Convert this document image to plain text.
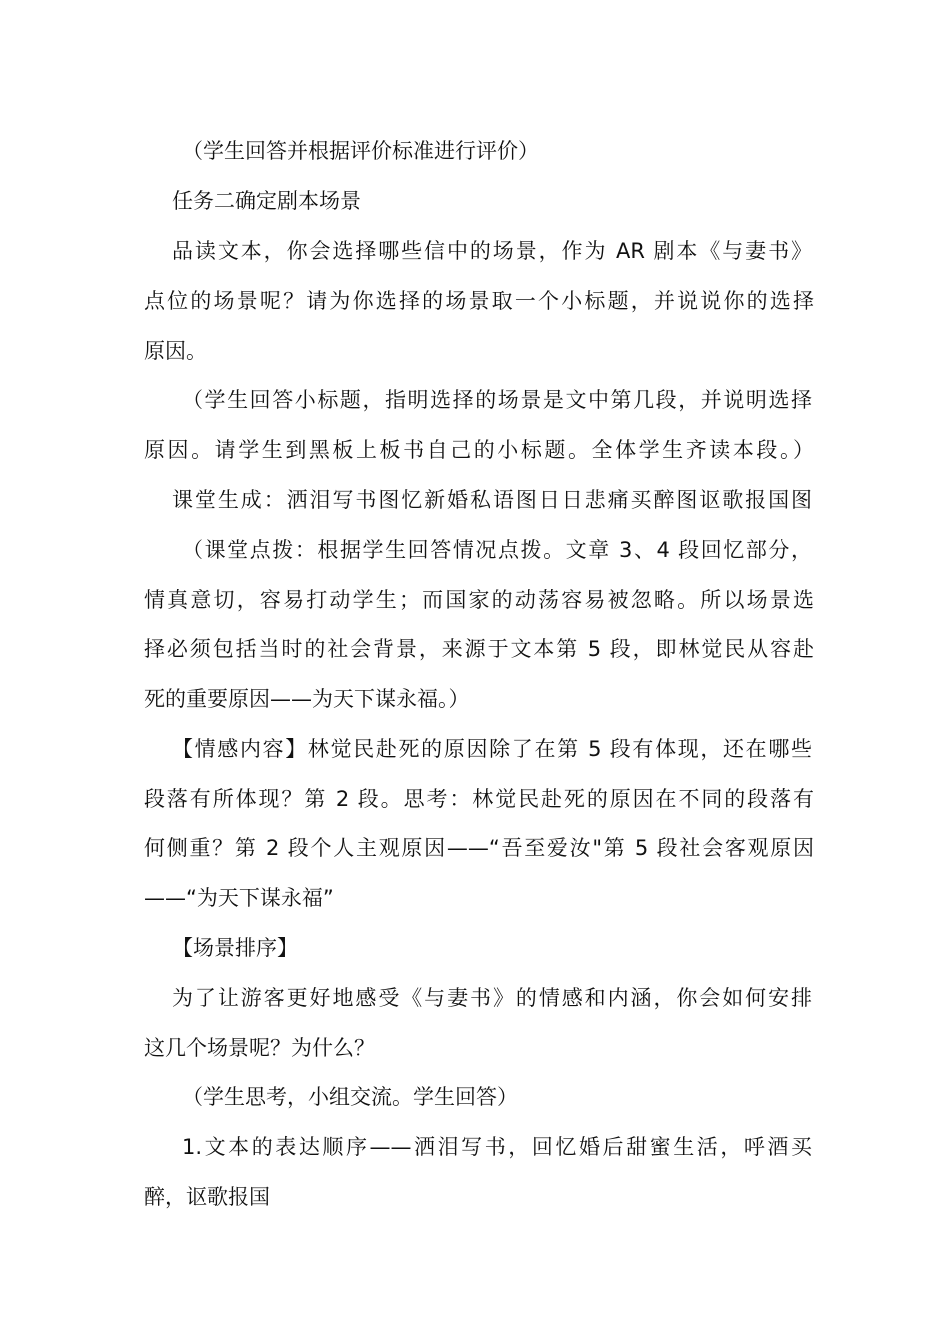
（学生回答并根据评价标准进行评价）
任务二确定剧本场景
品读文本，你会选择哪些信中的场景，作为 AR 剧本《与妻书》
点位的场景呢？请为你选择的场景取一个小标题，并说说你的选择
原因。
（学生回答小标题，指明选择的场景是文中第几段，并说明选择
原因。请学生到黑板上板书自己的小标题。全体学生齐读本段。）
课堂生成：洒泪写书图忆新婚私语图日日悲痛买醉图讴歌报国图
（课堂点拨：根据学生回答情况点拨。文章 3、4 段回忆部分，
情真意切，容易打动学生；而国家的动荡容易被忽略。所以场景选
择必须包括当时的社会背景，来源于文本第 5 段，即林觉民从容赴
死的重要原因——为天下谋永福。）
【情感内容】林觉民赴死的原因除了在第 5 段有体现，还在哪些
段落有所体现？第 2 段。思考：林觉民赴死的原因在不同的段落有
何侧重？第 2 段个人主观原因——“吾至爱汝"第 5 段社会客观原因
——“为天下谋永福”
【场景排序】
为了让游客更好地感受《与妻书》的情感和内涵，你会如何安排
这几个场景呢？为什么？
（学生思考，小组交流。学生回答）
1.文本的表达顺序——洒泪写书，回忆婚后甜蜜生活，呼酒买
醉，讴歌报国
